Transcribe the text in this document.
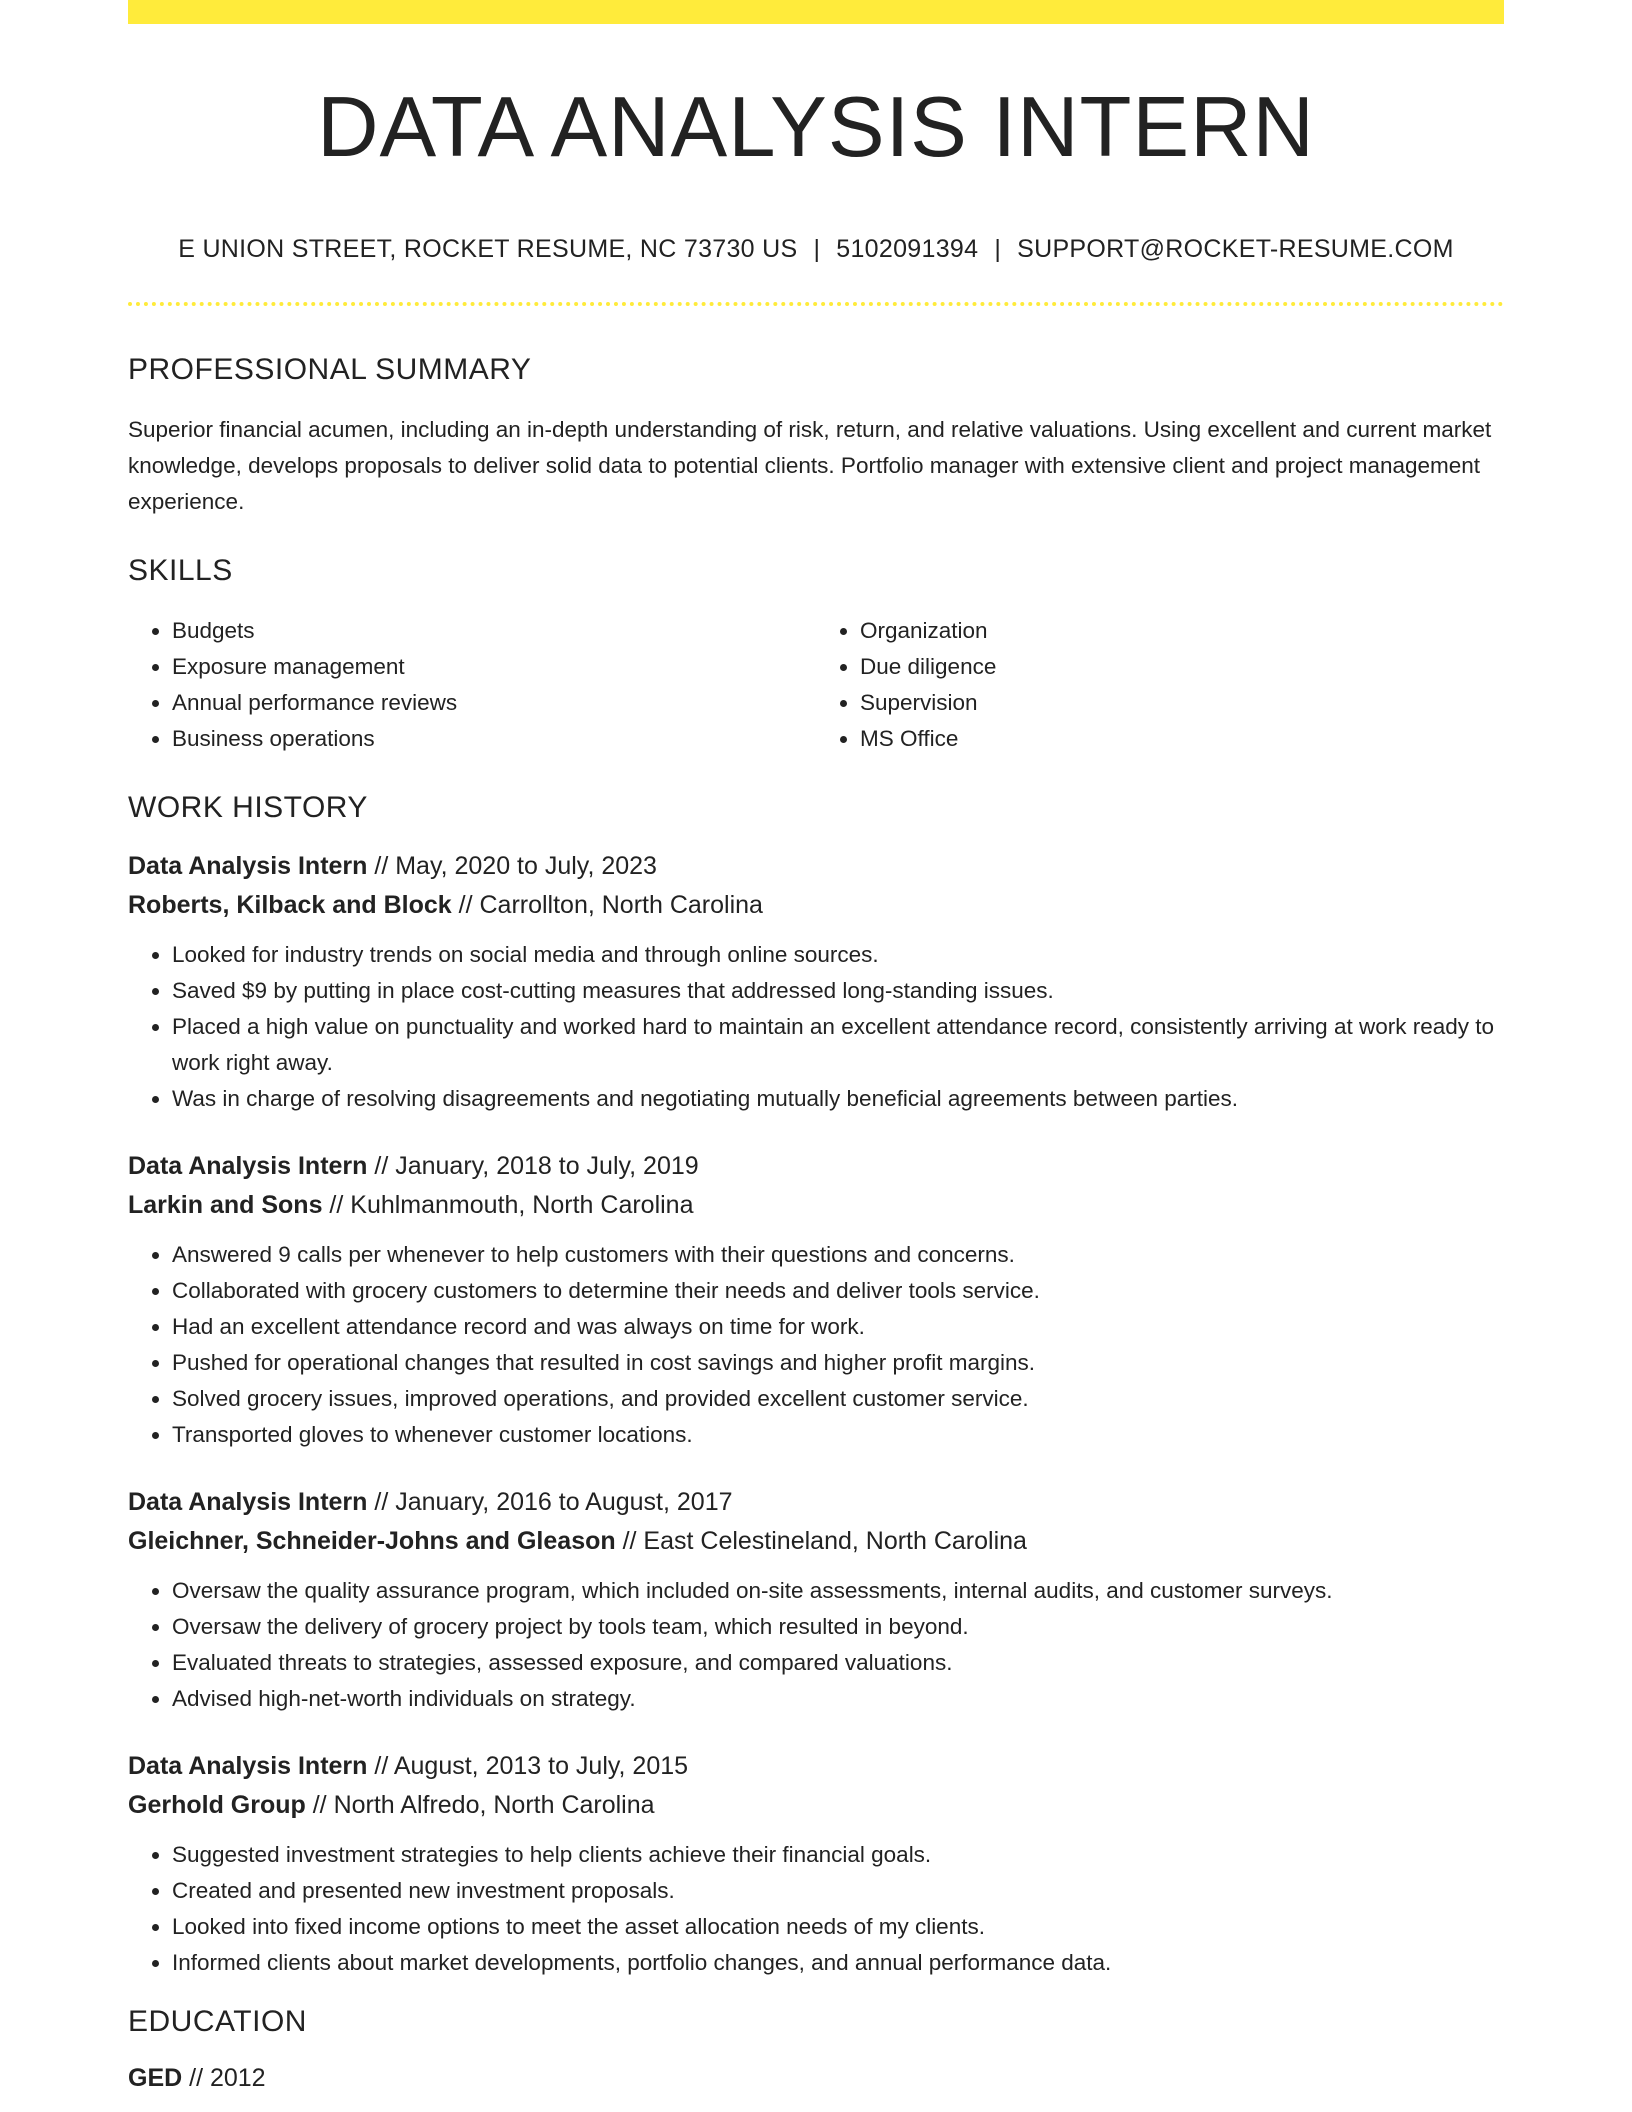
DATA ANALYSIS INTERN
E UNION STREET, ROCKET RESUME, NC 73730 US | 5102091394 | SUPPORT@ROCKET-RESUME.COM
PROFESSIONAL SUMMARY

Superior financial acumen, including an in-depth understanding of risk, return, and relative valuations. Using excellent and current market knowledge, develops proposals to deliver solid data to potential clients. Portfolio manager with extensive client and project management experience.

SKILLS
• Budgets
• Exposure management
• Annual performance reviews
• Business operations
• Organization
• Due diligence
• Supervision
• MS Office
WORK HISTORY
Data Analysis Intern // May, 2020 to July, 2023
Roberts, Kilback and Block // Carrollton, North Carolina
• Looked for industry trends on social media and through online sources.
• Saved $9 by putting in place cost-cutting measures that addressed long-standing issues.
• Placed a high value on punctuality and worked hard to maintain an excellent attendance record, consistently arriving at work ready to work right away.
• Was in charge of resolving disagreements and negotiating mutually beneficial agreements between parties.
Data Analysis Intern // January, 2018 to July, 2019
Larkin and Sons // Kuhlmanmouth, North Carolina
• Answered 9 calls per whenever to help customers with their questions and concerns.
• Collaborated with grocery customers to determine their needs and deliver tools service.
• Had an excellent attendance record and was always on time for work.
• Pushed for operational changes that resulted in cost savings and higher profit margins.
• Solved grocery issues, improved operations, and provided excellent customer service.
• Transported gloves to whenever customer locations.
Data Analysis Intern // January, 2016 to August, 2017
Gleichner, Schneider-Johns and Gleason // East Celestineland, North Carolina
• Oversaw the quality assurance program, which included on-site assessments, internal audits, and customer surveys.
• Oversaw the delivery of grocery project by tools team, which resulted in beyond.
• Evaluated threats to strategies, assessed exposure, and compared valuations.
• Advised high-net-worth individuals on strategy.
Data Analysis Intern // August, 2013 to July, 2015
Gerhold Group // North Alfredo, North Carolina
• Suggested investment strategies to help clients achieve their financial goals.
• Created and presented new investment proposals.
• Looked into fixed income options to meet the asset allocation needs of my clients.
• Informed clients about market developments, portfolio changes, and annual performance data.
EDUCATION
GED // 2012
